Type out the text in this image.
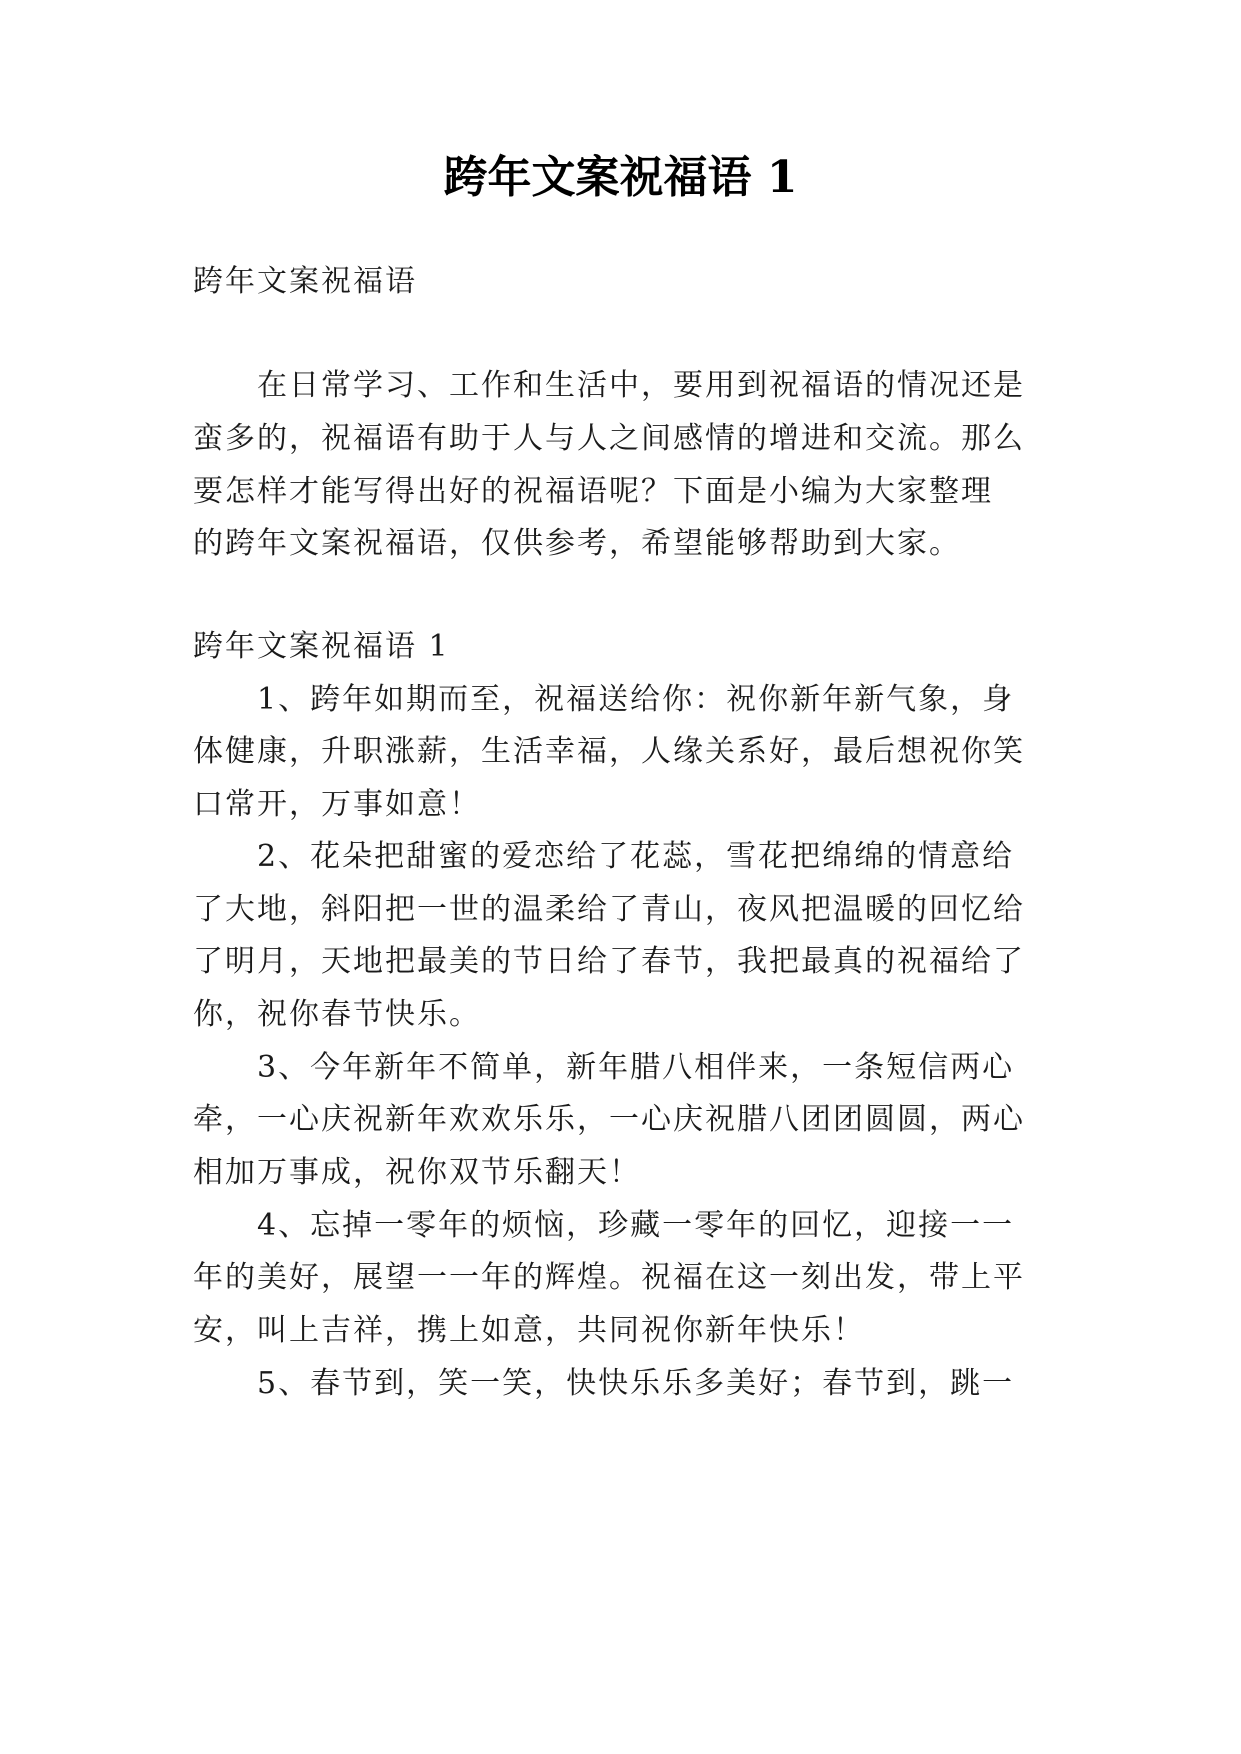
跨年文案祝福语 1
跨年文案祝福语
在日常学习、工作和生活中，要用到祝福语的情况还是
蛮多的，祝福语有助于人与人之间感情的增进和交流。那么
要怎样才能写得出好的祝福语呢？下面是小编为大家整理
的跨年文案祝福语，仅供参考，希望能够帮助到大家。
跨年文案祝福语 1
1、跨年如期而至，祝福送给你：祝你新年新气象，身
体健康，升职涨薪，生活幸福，人缘关系好，最后想祝你笑
口常开，万事如意！
2、花朵把甜蜜的爱恋给了花蕊，雪花把绵绵的情意给
了大地，斜阳把一世的温柔给了青山，夜风把温暖的回忆给
了明月，天地把最美的节日给了春节，我把最真的祝福给了
你，祝你春节快乐。
3、今年新年不简单，新年腊八相伴来，一条短信两心
牵，一心庆祝新年欢欢乐乐，一心庆祝腊八团团圆圆，两心
相加万事成，祝你双节乐翻天！
4、忘掉一零年的烦恼，珍藏一零年的回忆，迎接一一
年的美好，展望一一年的辉煌。祝福在这一刻出发，带上平
安，叫上吉祥，携上如意，共同祝你新年快乐！
5、春节到，笑一笑，快快乐乐多美好；春节到，跳一
